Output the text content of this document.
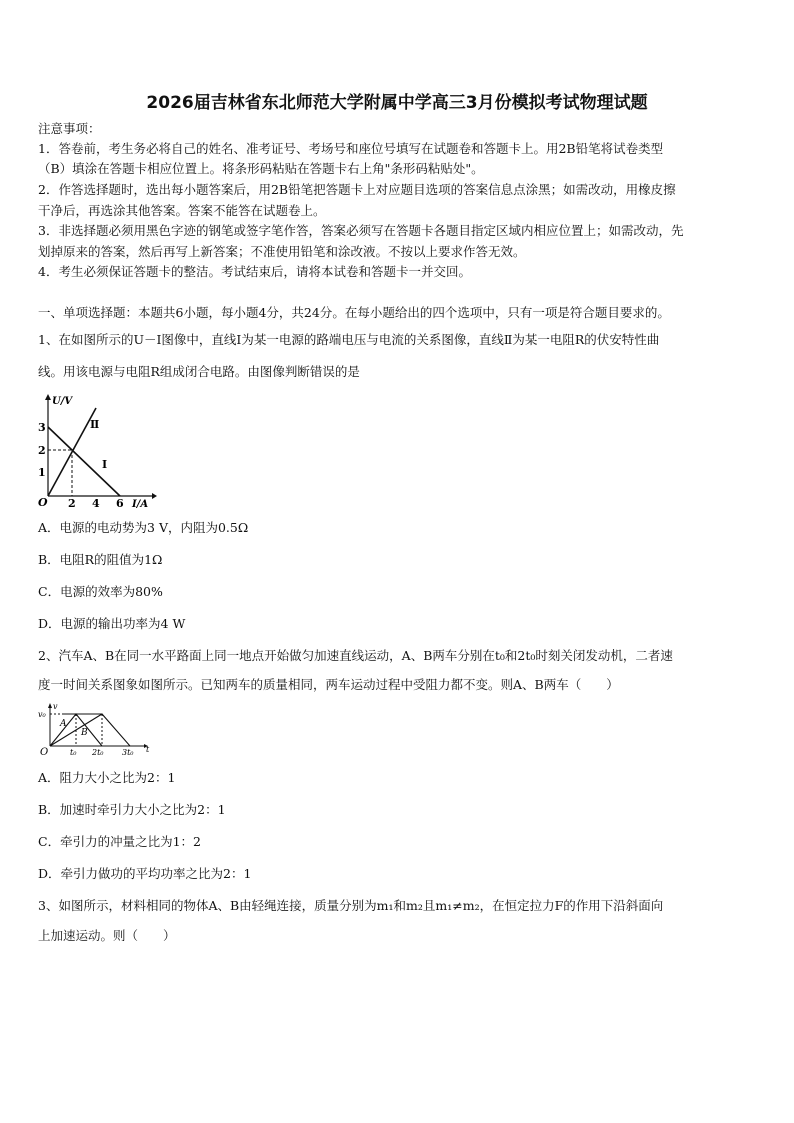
2026届吉林省东北师范大学附属中学高三3月份模拟考试物理试题
注意事项：
1．答卷前，考生务必将自己的姓名、准考证号、考场号和座位号填写在试题卷和答题卡上。用2B铅笔将试卷类型
（B）填涂在答题卡相应位置上。将条形码粘贴在答题卡右上角"条形码粘贴处"。
2．作答选择题时，选出每小题答案后，用2B铅笔把答题卡上对应题目选项的答案信息点涂黑；如需改动，用橡皮擦
干净后，再选涂其他答案。答案不能答在试题卷上。
3．非选择题必须用黑色字迹的钢笔或签字笔作答，答案必须写在答题卡各题目指定区域内相应位置上；如需改动，先
划掉原来的答案，然后再写上新答案；不准使用铅笔和涂改液。不按以上要求作答无效。
4．考生必须保证答题卡的整洁。考试结束后，请将本试卷和答题卡一并交回。
一、单项选择题：本题共6小题，每小题4分，共24分。在每小题给出的四个选项中，只有一项是符合题目要求的。
1、在如图所示的U－I图像中，直线Ⅰ为某一电源的路端电压与电流的关系图像，直线Ⅱ为某一电阻R的伏安特性曲
线。用该电源与电阻R组成闭合电路。由图像判断错误的是
U/V
I/A
O
3
2
1
2 4 6
Ⅱ
Ⅰ
A．电源的电动势为3 V，内阻为0.5Ω
B．电阻R的阻值为1Ω
C．电源的效率为80%
D．电源的输出功率为4 W
2、汽车A、B在同一水平路面上同一地点开始做匀加速直线运动，A、B两车分别在t₀和2t₀时刻关闭发动机，二者速
度一时间关系图象如图所示。已知两车的质量相同，两车运动过程中受阻力都不变。则A、B两车（　　）
v
t
O
v₀
t₀ 2t₀ 3t₀
A
B
A．阻力大小之比为2：1
B．加速时牵引力大小之比为2：1
C．牵引力的冲量之比为1：2
D．牵引力做功的平均功率之比为2：1
3、如图所示，材料相同的物体A、B由轻绳连接，质量分别为m₁和m₂且m₁≠m₂，在恒定拉力F的作用下沿斜面向
上加速运动。则（　　）
